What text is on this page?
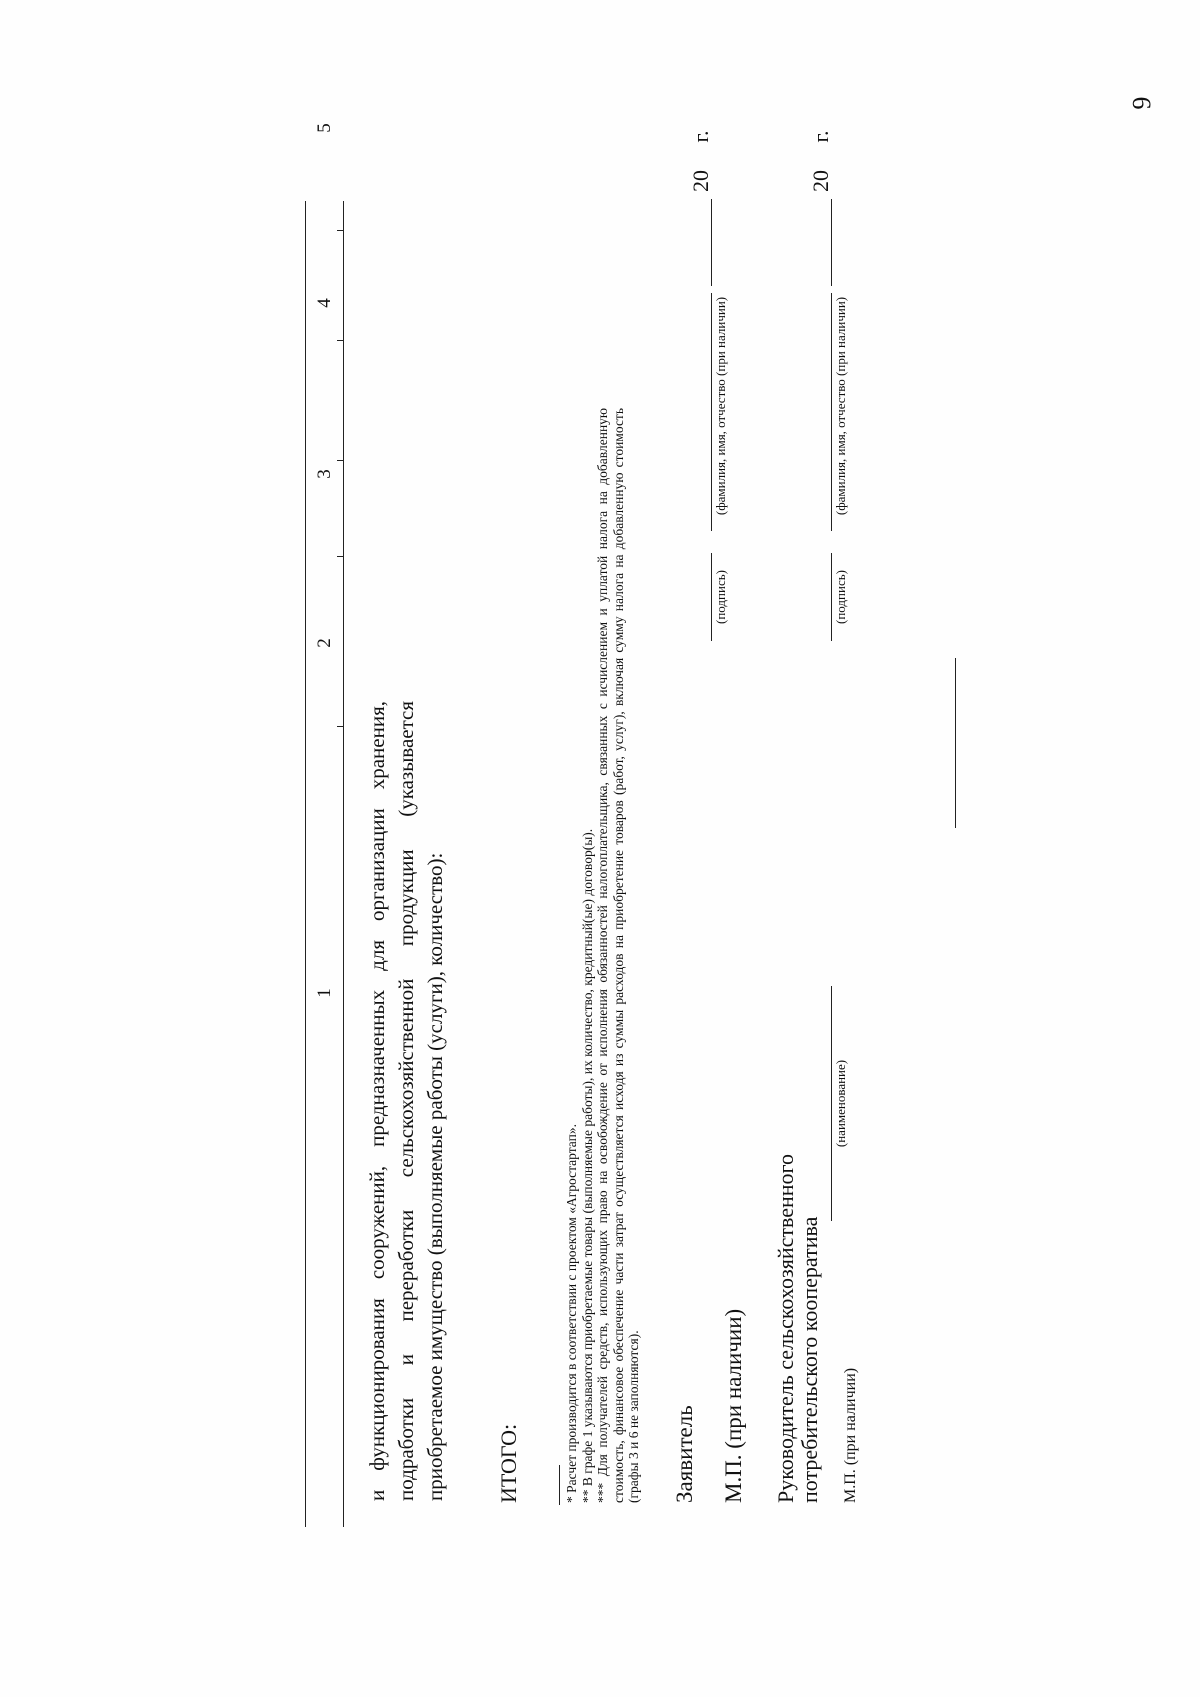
6
1
2
3
4
5
и функционирования сооружений, предназначенных для организации хранения, подработки и переработки сельскохозяйственной продукции (указывается приобретаемое имущество (выполняемые работы (услуги), количество):
ИТОГО:	* Расчет производится в соответствии с проектом «Агростартап». ** В графе 1 указываются приобретаемые товары (выполняемые работы), их количество, кредитный(ые) договор(ы). *** Для получателей средств, использующих право на освобождение от исполнения обязанностей налогоплательщика, связанных с исчислением и уплатой налога на добавленную стоимость, финансовое обеспечение части затрат осуществляется исходя из суммы расходов на приобретение товаров (работ, услуг), включая сумму налога на добавленную стоимость (графы 3 и 6 не заполняются). Заявитель
(подпись)
(фамилия, имя, отчество (при наличии)
20     г.
М.П. (при наличии) Руководитель сельскохозяйственного потребительского кооператива
(наименование)
(подпись)
(фамилия, имя, отчество (при наличии)
20     г.
М.П. (при наличии)
